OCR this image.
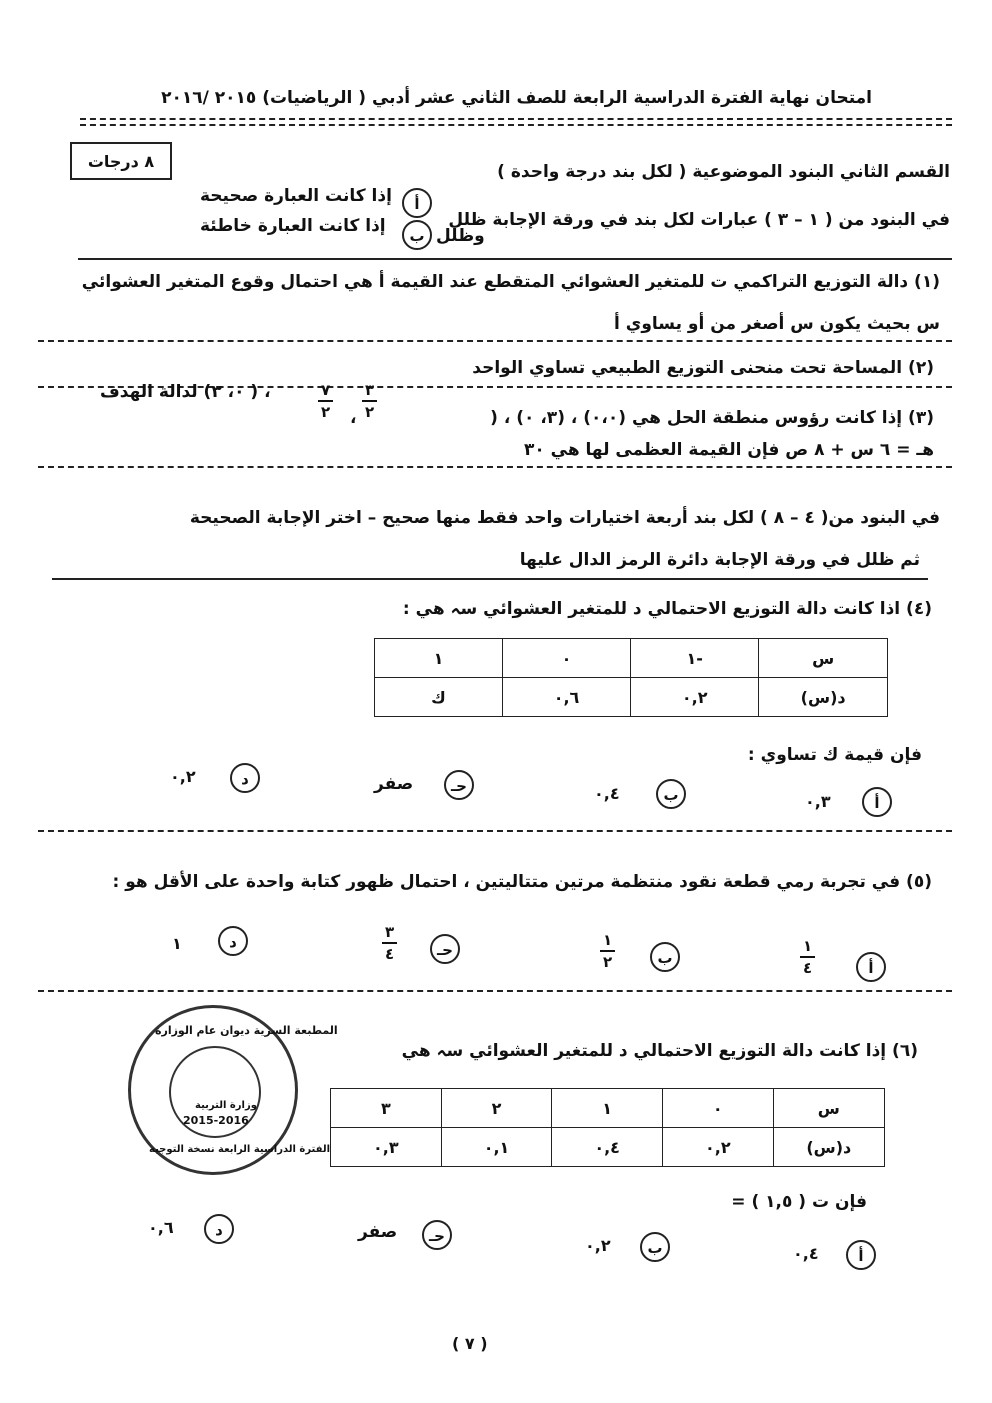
امتحان نهاية الفترة الدراسية الرابعة للصف الثاني عشر أدبي ( الرياضيات) ٢٠١٥ /٢٠١٦
٨ درجات
القسم الثاني البنود الموضوعية ( لكل بند درجة واحدة )
في البنود من ( ١ – ٣ ) عبارات لكل بند في ورقة الإجابة ظلل
أ
إذا كانت العبارة صحيحة
وظلل
ب
إذا كانت العبارة خاطئة
(١) دالة التوزيع التراكمي ت للمتغير العشوائي المتقطع عند القيمة أ هي احتمال وقوع المتغير العشوائي
س بحيث يكون س أصغر من أو يساوي أ
(٢) المساحة تحت منحنى التوزيع الطبيعي تساوي الواحد
(٣) إذا كانت رؤوس منطقة الحل هي (٠،٠) ، (٣، ٠) ، (
٣
٢
،
٧
٢
، ( ٠، ٣) لدالة الهدف
هـ = ٦ س + ٨ ص فإن القيمة العظمى لها هي ٣٠
في البنود من( ٤ – ٨ ) لكل بند أربعة اختيارات واحد فقط منها صحيح – اختر الإجابة الصحيحة
ثم ظلل في ورقة الإجابة دائرة الرمز الدال عليها
(٤) اذا كانت دالة التوزيع الاحتمالي د للمتغير العشوائي سہ هي :
س	-١	٠	١
د(س)	٠,٢	٠,٦	ك
فإن قيمة ك تساوي :
أ
٠,٣
ب
٠,٤
حـ
صفر
د
٠,٢
(٥) في تجربة رمي قطعة نقود منتظمة مرتين متتاليتين ، احتمال ظهور كتابة واحدة على الأقل هو :
أ
١
٤
ب
١
٢
حـ
٣
٤
د
١
المطبعة السرية ديوان عام الوزارة
وزارة التربية
2015-2016
الفترة الدراسية الرابعة نسخة التوجيه
(٦) إذا كانت دالة التوزيع الاحتمالي د للمتغير العشوائي سہ هي
س	٠	١	٢	٣
د(س)	٠,٢	٠,٤	٠,١	٠,٣
فإن ت ( ١,٥ ) =
أ
٠,٤
ب
٠,٢
حـ
صفر
د
٠,٦
( ٧ )
